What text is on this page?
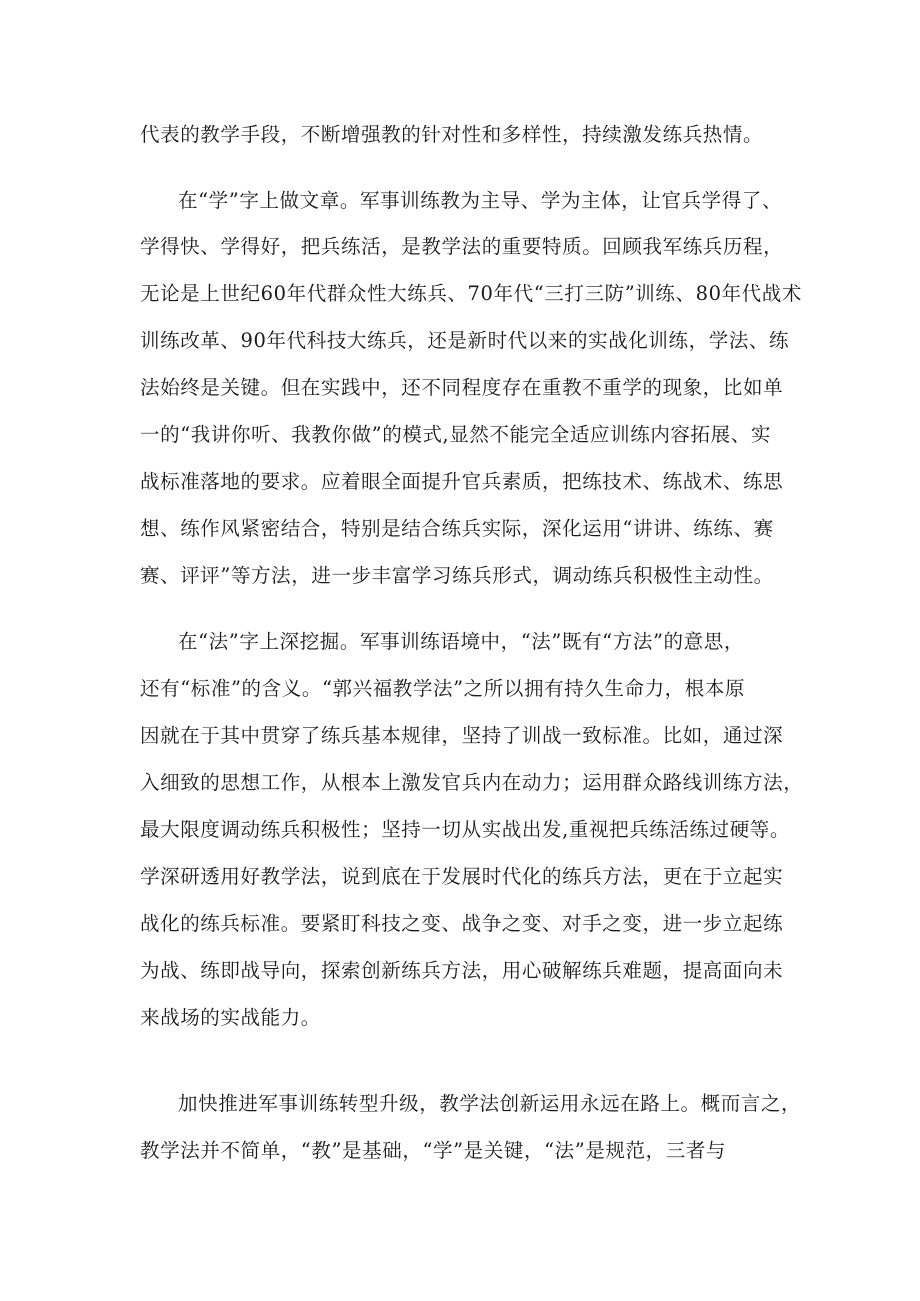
代表的教学手段，不断增强教的针对性和多样性，持续激发练兵热情。
在“学”字上做文章。军事训练教为主导、学为主体，让官兵学得了、
学得快、学得好，把兵练活，是教学法的重要特质。回顾我军练兵历程，
无论是上世纪60年代群众性大练兵、70年代“三打三防”训练、80年代战术
训练改革、90年代科技大练兵，还是新时代以来的实战化训练，学法、练
法始终是关键。但在实践中，还不同程度存在重教不重学的现象，比如单
一的“我讲你听、我教你做”的模式,显然不能完全适应训练内容拓展、实
战标准落地的要求。应着眼全面提升官兵素质，把练技术、练战术、练思
想、练作风紧密结合，特别是结合练兵实际，深化运用“讲讲、练练、赛
赛、评评”等方法，进一步丰富学习练兵形式，调动练兵积极性主动性。
在“法”字上深挖掘。军事训练语境中，“法”既有“方法”的意思，
还有“标准”的含义。“郭兴福教学法”之所以拥有持久生命力，根本原
因就在于其中贯穿了练兵基本规律，坚持了训战一致标准。比如，通过深
入细致的思想工作，从根本上激发官兵内在动力；运用群众路线训练方法，
最大限度调动练兵积极性；坚持一切从实战出发,重视把兵练活练过硬等。
学深研透用好教学法，说到底在于发展时代化的练兵方法，更在于立起实
战化的练兵标准。要紧盯科技之变、战争之变、对手之变，进一步立起练
为战、练即战导向，探索创新练兵方法，用心破解练兵难题，提高面向未
来战场的实战能力。
加快推进军事训练转型升级，教学法创新运用永远在路上。概而言之，
教学法并不简单，“教”是基础，“学”是关键，“法”是规范，三者与
